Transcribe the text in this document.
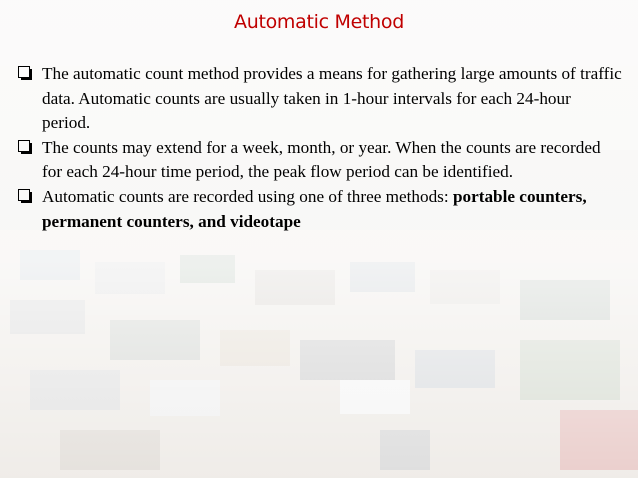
Automatic Method

The automatic count method provides a means for gathering large amounts of traffic data. Automatic counts are usually taken in 1-hour intervals for each 24-hour period.

The counts may extend for a week, month, or year. When the counts are recorded for each 24-hour time period, the peak flow period can be identified.

Automatic counts are recorded using one of three methods: portable counters, permanent counters, and videotape
